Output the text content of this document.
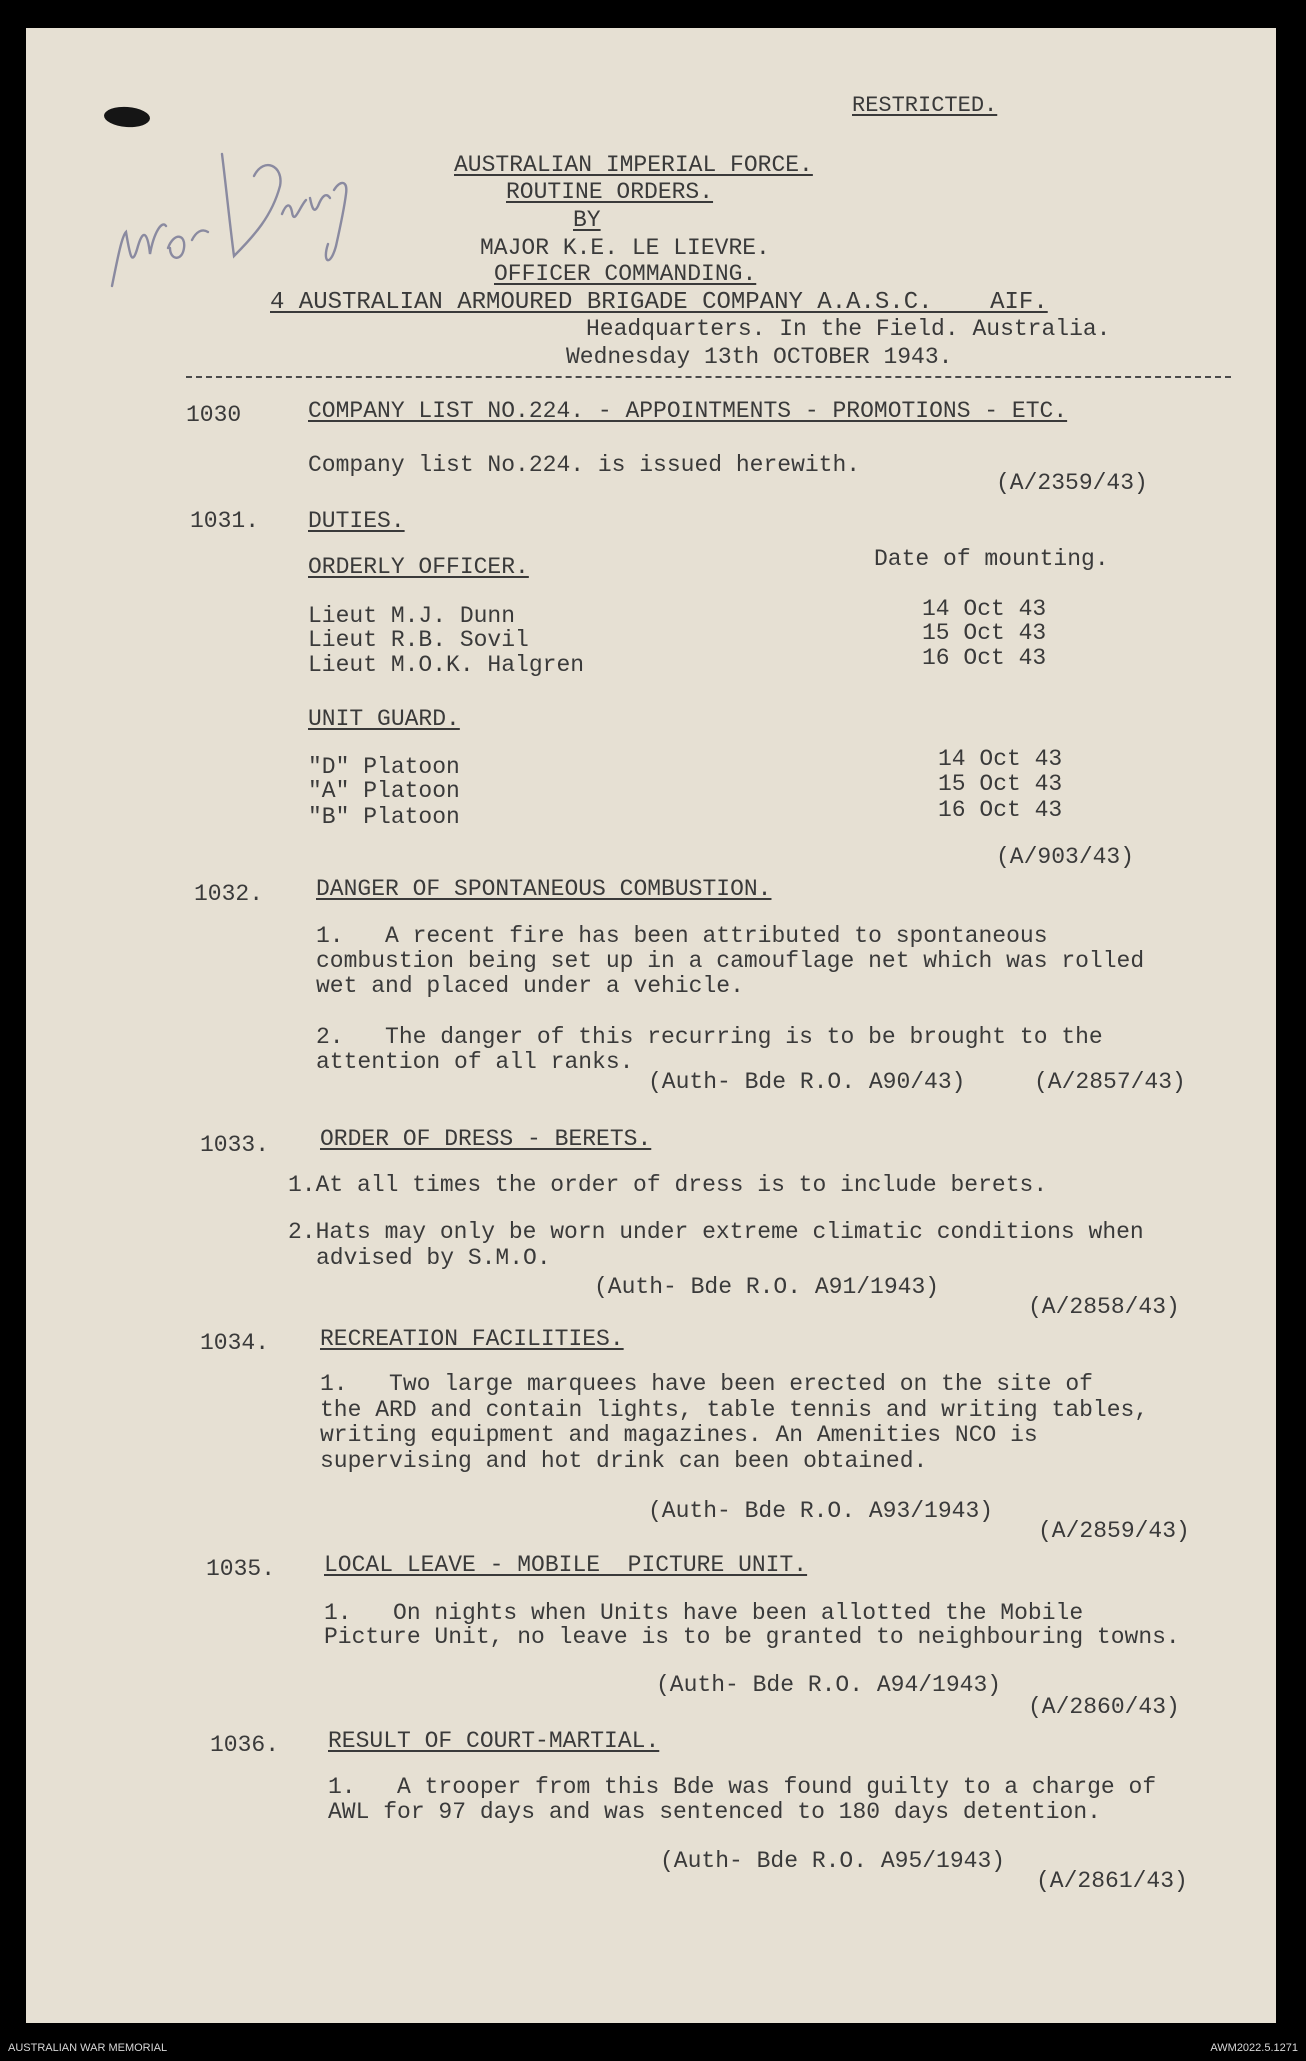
RESTRICTED.
AUSTRALIAN IMPERIAL FORCE.
ROUTINE ORDERS.
BY
MAJOR K.E. LE LIEVRE.
OFFICER COMMANDING.
4 AUSTRALIAN ARMOURED BRIGADE COMPANY A.A.S.C.    AIF.
Headquarters. In the Field. Australia.
Wednesday 13th OCTOBER 1943.
1030	COMPANY LIST NO.224. - APPOINTMENTS - PROMOTIONS - ETC.
Company list No.224. is issued herewith.
(A/2359/43)
1031. DUTIES.
ORDERLY OFFICER.	Date of mounting.
Lieut M.J. Dunn	14 Oct 43
Lieut R.B. Sovil	15 Oct 43
Lieut M.O.K. Halgren	16 Oct 43
UNIT GUARD.
"D" Platoon	14 Oct 43
"A" Platoon	15 Oct 43
"B" Platoon	16 Oct 43
(A/903/43)
1032. DANGER OF SPONTANEOUS COMBUSTION.
1.   A recent fire has been attributed to spontaneous
combustion being set up in a camouflage net which was rolled
wet and placed under a vehicle.
2.   The danger of this recurring is to be brought to the
attention of all ranks.
(Auth- Bde R.O. A90/43)	(A/2857/43)
1033. ORDER OF DRESS - BERETS.
1.At all times the order of dress is to include berets.
2.Hats may only be worn under extreme climatic conditions when
advised by S.M.O.
(Auth- Bde R.O. A91/1943)
(A/2858/43)
1034. RECREATION FACILITIES.
1.   Two large marquees have been erected on the site of
the ARD and contain lights, table tennis and writing tables,
writing equipment and magazines. An Amenities NCO is
supervising and hot drink can been obtained.
(Auth- Bde R.O. A93/1943)
(A/2859/43)
1035. LOCAL LEAVE - MOBILE  PICTURE UNIT.
1.   On nights when Units have been allotted the Mobile
Picture Unit, no leave is to be granted to neighbouring towns.
(Auth- Bde R.O. A94/1943)
(A/2860/43)
1036. RESULT OF COURT-MARTIAL.
1.   A trooper from this Bde was found guilty to a charge of
AWL for 97 days and was sentenced to 180 days detention.
(Auth- Bde R.O. A95/1943)
(A/2861/43)
AUSTRALIAN WAR MEMORIAL	AWM2022.5.1271
